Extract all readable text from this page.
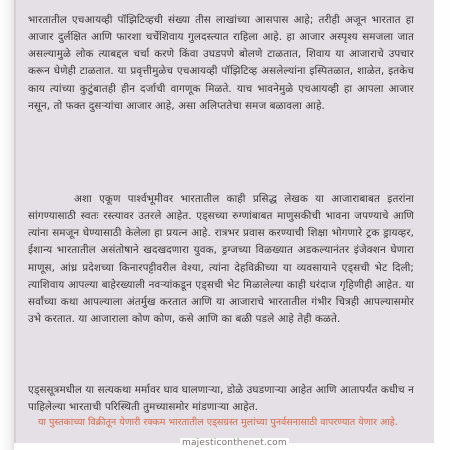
भारतातील एचआयव्ही पॉझिटिव्हची संख्या तीस लाखांच्या आसपास आहे; तरीही अजून भारतात हा आजार दुर्लक्षित आणि फारशा चर्चेशिवाय गुलदस्त्यात राहिला आहे. हा आजार अस्पृश्य समजला जात असल्यामुळे लोक त्याबद्दल चर्चा करणे किंवा उघडपणे बोलणे टाळतात, शिवाय या आजाराचे उपचार करून घेणेही टाळतात. या प्रवृत्तीमुळेच एचआयव्ही पॉझिटिव्ह असलेल्यांना इस्पितळात, शाळेत, इतकेच काय त्यांच्या कुटुंबातही हीन दर्जाची वागणूक मिळते. याच भावनेमुळे एचआयव्ही हा आपला आजार नसून, तो फक्त दुसऱ्यांचा आजार आहे, असा अलिप्ततेचा समज बळावला आहे.

अशा एकूण पार्श्वभूमीवर भारतातील काही प्रसिद्ध लेखक या आजाराबाबत इतरांना सांगण्यासाठी स्वतः रस्त्यावर उतरले आहेत. एड्सच्या रुग्णांबाबत माणुसकीची भावना जपण्याचे आणि त्यांना समजून घेण्यासाठी केलेला हा प्रयत्न आहे. रात्रभर प्रवास करण्याची शिक्षा भोगणारे ट्रक ड्रायव्हर, ईशान्य भारतातील असंतोषाने खदखदणारा युवक, ड्रग्जच्या विळख्यात अडकल्यानंतर इंजेक्शन घेणारा माणूस, आंध्र प्रदेशच्या किनारपट्टीवरील वेश्या, त्यांना देहविक्रीच्या या व्यवसायाने एड्सची भेट दिली; त्याशिवाय आपल्या बाहेरख्याली नवऱ्यांकडून एड्सची भेट मिळालेल्या काही घरंदाज गृहिणीही आहेत. या सर्वांच्या कथा आपल्याला अंतर्मुख करतात आणि या आजाराचे भारतातील गंभीर चित्रही आपल्यासमोर उभे करतात. या आजाराला कोण कोण, कसे आणि का बळी पडले आहे तेही कळते.

एड्ससूत्रमधील या सत्यकथा मर्मावर घाव घालणाऱ्या, डोळे उघडणाऱ्या आहेत आणि आतापर्यंत कधीच न पाहिलेल्या भारताची परिस्थिती तुमच्यासमोर मांडणाऱ्या आहेत.

या पुस्तकाच्या विक्रीतून येणारी रक्कम भारतातील एड्सग्रस्त मुलांच्या पुनर्वसनासाठी वापरण्यात येणार आहे.

majesticonthenet.com
